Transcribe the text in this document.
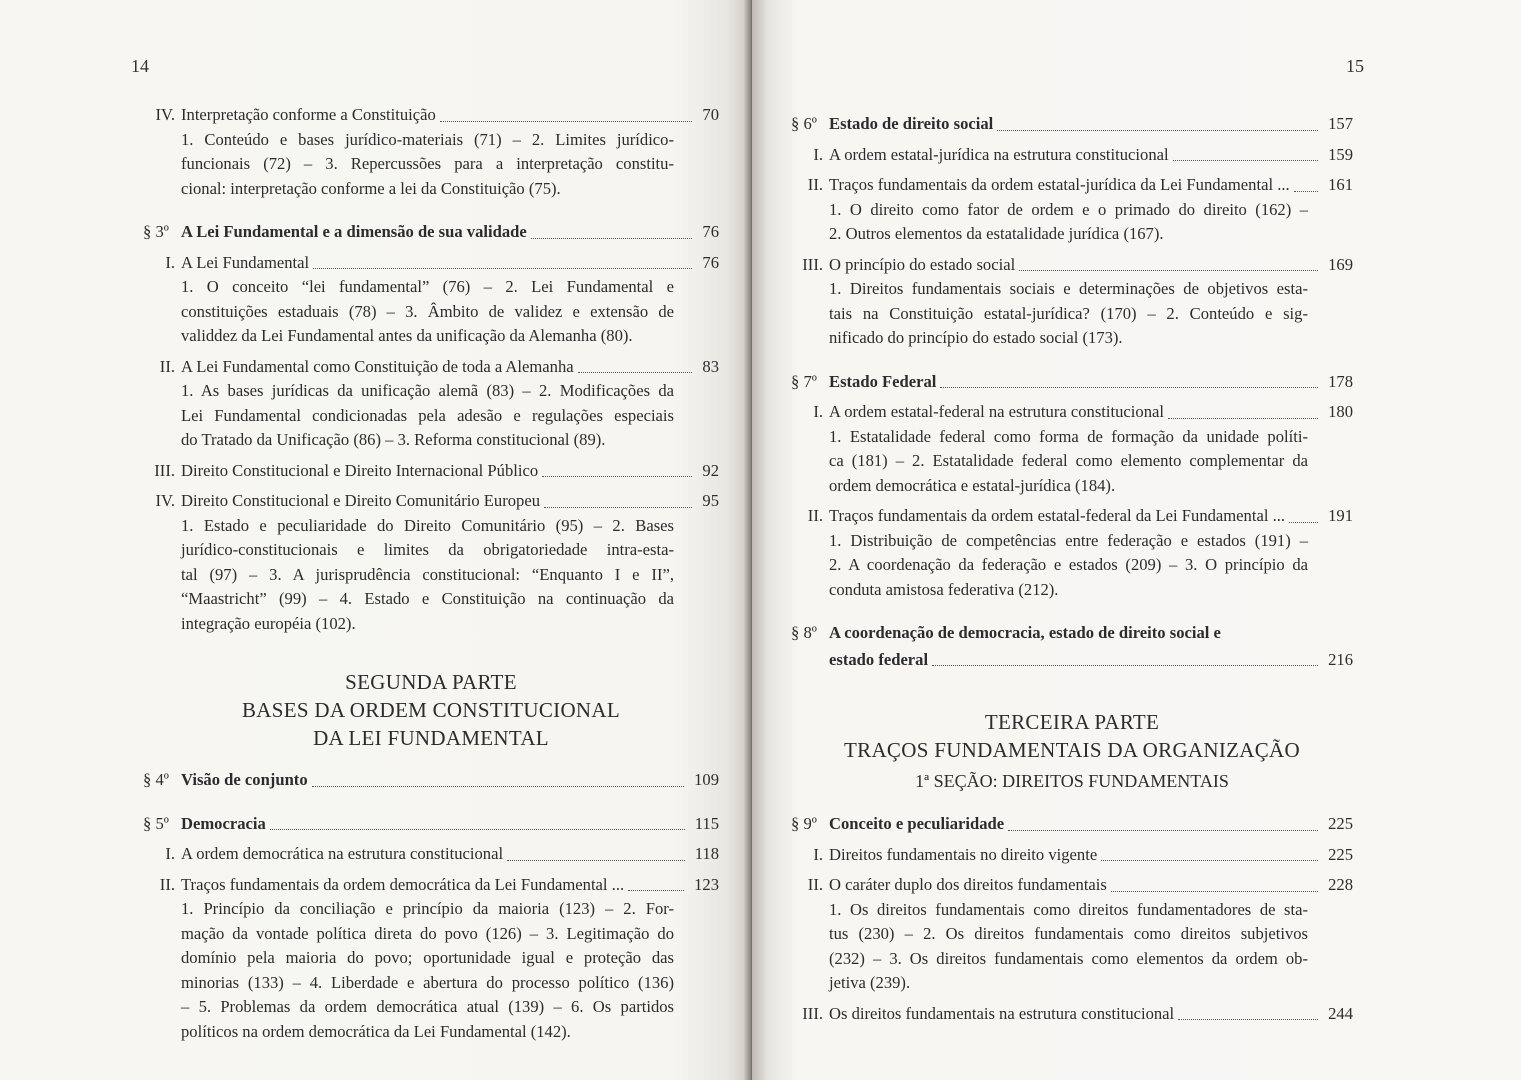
14
IV. Interpretação conforme a Constituição	70
1. Conteúdo e bases jurídico-materiais (71) – 2. Limites jurídico-
funcionais (72) – 3. Repercussões para a interpretação constitu-
cional: interpretação conforme a lei da Constituição (75).
§ 3º A Lei Fundamental e a dimensão de sua validade	76
I. A Lei Fundamental	76
1. O conceito “lei fundamental” (76) – 2. Lei Fundamental e
constituições estaduais (78) – 3. Âmbito de validez e extensão de
validdez da Lei Fundamental antes da unificação da Alemanha (80).
II. A Lei Fundamental como Constituição de toda a Alemanha	83
1. As bases jurídicas da unificação alemã (83) – 2. Modificações da
Lei Fundamental condicionadas pela adesão e regulações especiais
do Tratado da Unificação (86) – 3. Reforma constitucional (89).
III. Direito Constitucional e Direito Internacional Público	92
IV. Direito Constitucional e Direito Comunitário Europeu	95
1. Estado e peculiaridade do Direito Comunitário (95) – 2. Bases
jurídico-constitucionais e limites da obrigatoriedade intra-esta-
tal (97) – 3. A jurisprudência constitucional: “Enquanto I e II”,
“Maastricht” (99) – 4. Estado e Constituição na continuação da
integração européia (102).
SEGUNDA PARTE
BASES DA ORDEM CONSTITUCIONAL
DA LEI FUNDAMENTAL
§ 4º Visão de conjunto	109
§ 5º Democracia	115
I. A ordem democrática na estrutura constitucional	118
II. Traços fundamentais da ordem democrática da Lei Fundamental ...	123
1. Princípio da conciliação e princípio da maioria (123) – 2. For-
mação da vontade política direta do povo (126) – 3. Legitimação do
domínio pela maioria do povo; oportunidade igual e proteção das
minorias (133) – 4. Liberdade e abertura do processo político (136)
– 5. Problemas da ordem democrática atual (139) – 6. Os partidos
políticos na ordem democrática da Lei Fundamental (142).
15
§ 6º Estado de direito social	157
I. A ordem estatal-jurídica na estrutura constitucional	159
II. Traços fundamentais da ordem estatal-jurídica da Lei Fundamental ...	161
1. O direito como fator de ordem e o primado do direito (162) –
2. Outros elementos da estatalidade jurídica (167).
III. O princípio do estado social	169
1. Direitos fundamentais sociais e determinações de objetivos esta-
tais na Constituição estatal-jurídica? (170) – 2. Conteúdo e sig-
nificado do princípio do estado social (173).
§ 7º Estado Federal	178
I. A ordem estatal-federal na estrutura constitucional	180
1. Estatalidade federal como forma de formação da unidade políti-
ca (181) – 2. Estatalidade federal como elemento complementar da
ordem democrática e estatal-jurídica (184).
II. Traços fundamentais da ordem estatal-federal da Lei Fundamental ...	191
1. Distribuição de competências entre federação e estados (191) –
2. A coordenação da federação e estados (209) – 3. O princípio da
conduta amistosa federativa (212).
§ 8º A coordenação de democracia, estado de direito social e
estado federal	216
TERCEIRA PARTE
TRAÇOS FUNDAMENTAIS DA ORGANIZAÇÃO
1ª SEÇÃO: DIREITOS FUNDAMENTAIS
§ 9º Conceito e peculiaridade	225
I. Direitos fundamentais no direito vigente	225
II. O caráter duplo dos direitos fundamentais	228
1. Os direitos fundamentais como direitos fundamentadores de sta-
tus (230) – 2. Os direitos fundamentais como direitos subjetivos
(232) – 3. Os direitos fundamentais como elementos da ordem ob-
jetiva (239).
III. Os direitos fundamentais na estrutura constitucional	244
